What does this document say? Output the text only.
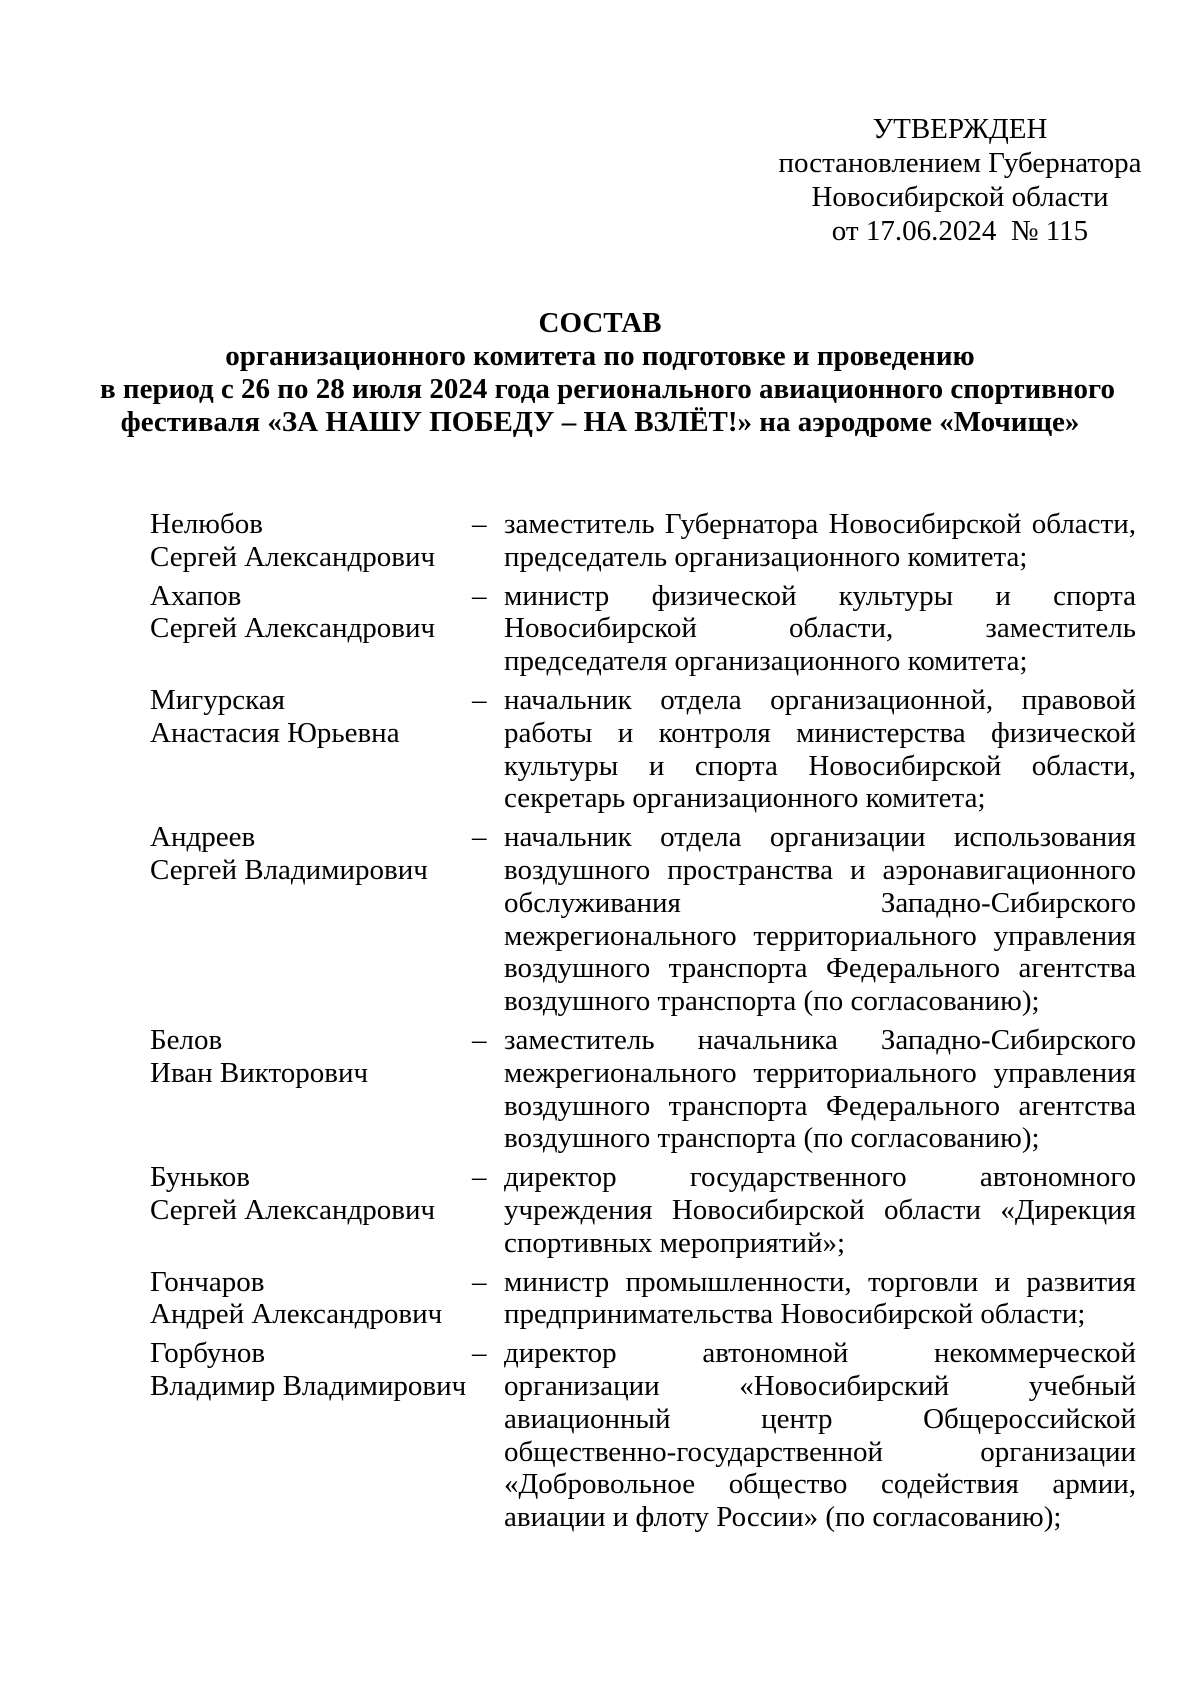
УТВЕРЖДЕН
постановлением Губернатора
Новосибирской области
от 17.06.2024  № 115
СОСТАВ
организационного комитета по подготовке и проведению
в период с 26 по 28 июля 2024 года регионального авиационного спортивного
фестиваля «ЗА НАШУ ПОБЕДУ – НА ВЗЛЁТ!» на аэродроме «Мочище»
Нелюбов
Сергей Александрович
– заместитель Губернатора Новосибирской области, председатель организационного комитета;
Ахапов
Сергей Александрович
– министр физической культуры и спорта Новосибирской области, заместитель председателя организационного комитета;
Мигурская
Анастасия Юрьевна
– начальник отдела организационной, правовой работы и контроля министерства физической культуры и спорта Новосибирской области, секретарь организационного комитета;
Андреев
Сергей Владимирович
– начальник отдела организации использования воздушного пространства и аэронавигационного обслуживания Западно-Сибирского межрегионального территориального управления воздушного транспорта Федерального агентства воздушного транспорта (по согласованию);
Белов
Иван Викторович
– заместитель начальника Западно-Сибирского межрегионального территориального управления воздушного транспорта Федерального агентства воздушного транспорта (по согласованию);
Буньков
Сергей Александрович
– директор государственного автономного учреждения Новосибирской области «Дирекция спортивных мероприятий»;
Гончаров
Андрей Александрович
– министр промышленности, торговли и развития предпринимательства Новосибирской области;
Горбунов
Владимир Владимирович
– директор автономной некоммерческой организации «Новосибирский учебный авиационный центр Общероссийской общественно-государственной организации «Добровольное общество содействия армии, авиации и флоту России» (по согласованию);
